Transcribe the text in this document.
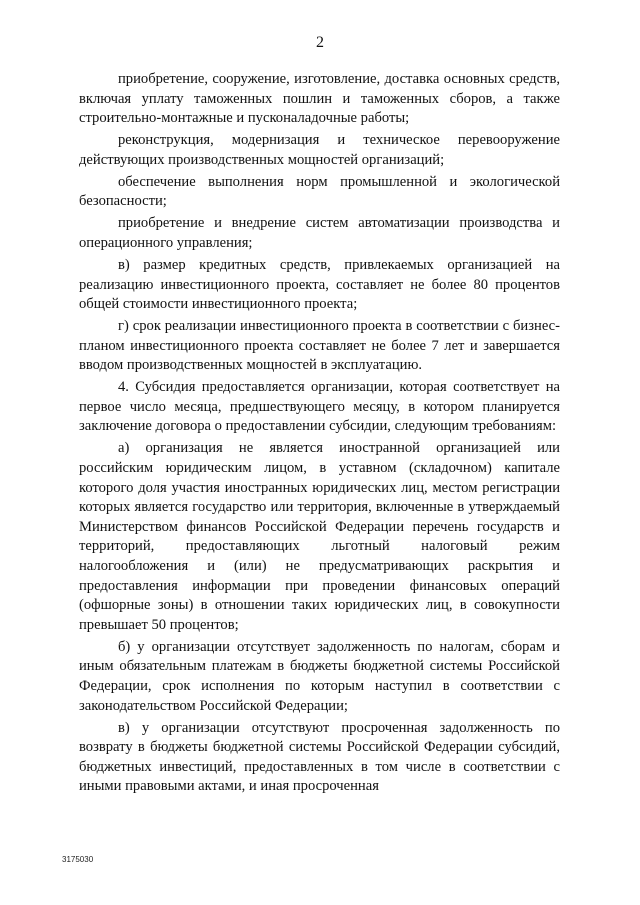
2

приобретение, сооружение, изготовление, доставка основных средств, включая уплату таможенных пошлин и таможенных сборов, а также строительно-монтажные и пусконаладочные работы;

реконструкция, модернизация и техническое перевооружение действующих производственных мощностей организаций;

обеспечение выполнения норм промышленной и экологической безопасности;

приобретение и внедрение систем автоматизации производства и операционного управления;

в) размер кредитных средств, привлекаемых организацией на реализацию инвестиционного проекта, составляет не более 80 процентов общей стоимости инвестиционного проекта;

г) срок реализации инвестиционного проекта в соответствии с бизнес-планом инвестиционного проекта составляет не более 7 лет и завершается вводом производственных мощностей в эксплуатацию.

4. Субсидия предоставляется организации, которая соответствует на первое число месяца, предшествующего месяцу, в котором планируется заключение договора о предоставлении субсидии, следующим требованиям:

а) организация не является иностранной организацией или российским юридическим лицом, в уставном (складочном) капитале которого доля участия иностранных юридических лиц, местом регистрации которых является государство или территория, включенные в утверждаемый Министерством финансов Российской Федерации перечень государств и территорий, предоставляющих льготный налоговый режим налогообложения и (или) не предусматривающих раскрытия и предоставления информации при проведении финансовых операций (офшорные зоны) в отношении таких юридических лиц, в совокупности превышает 50 процентов;

б) у организации отсутствует задолженность по налогам, сборам и иным обязательным платежам в бюджеты бюджетной системы Российской Федерации, срок исполнения по которым наступил в соответствии с законодательством Российской Федерации;

в) у организации отсутствуют просроченная задолженность по возврату в бюджеты бюджетной системы Российской Федерации субсидий, бюджетных инвестиций, предоставленных в том числе в соответствии с иными правовыми актами, и иная просроченная

3175030
